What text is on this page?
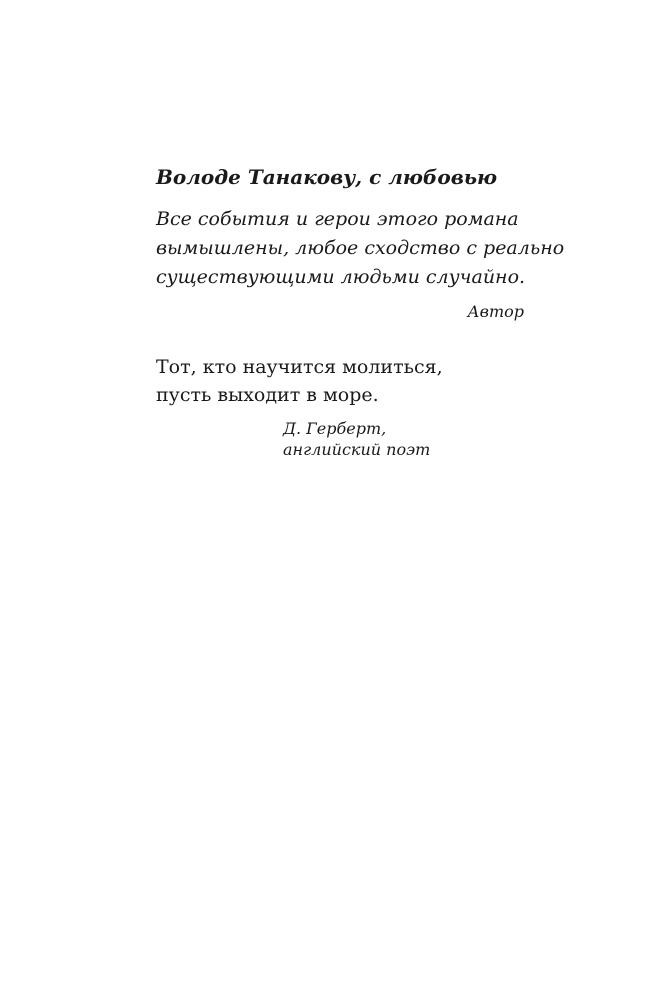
Володе Танакову, с любовью
Все события и герои этого романа
вымышлены, любое сходство с реально
существующими людьми случайно.
Автор
Тот, кто научится молиться,
пусть выходит в море.
Д. Герберт,
английский поэт
